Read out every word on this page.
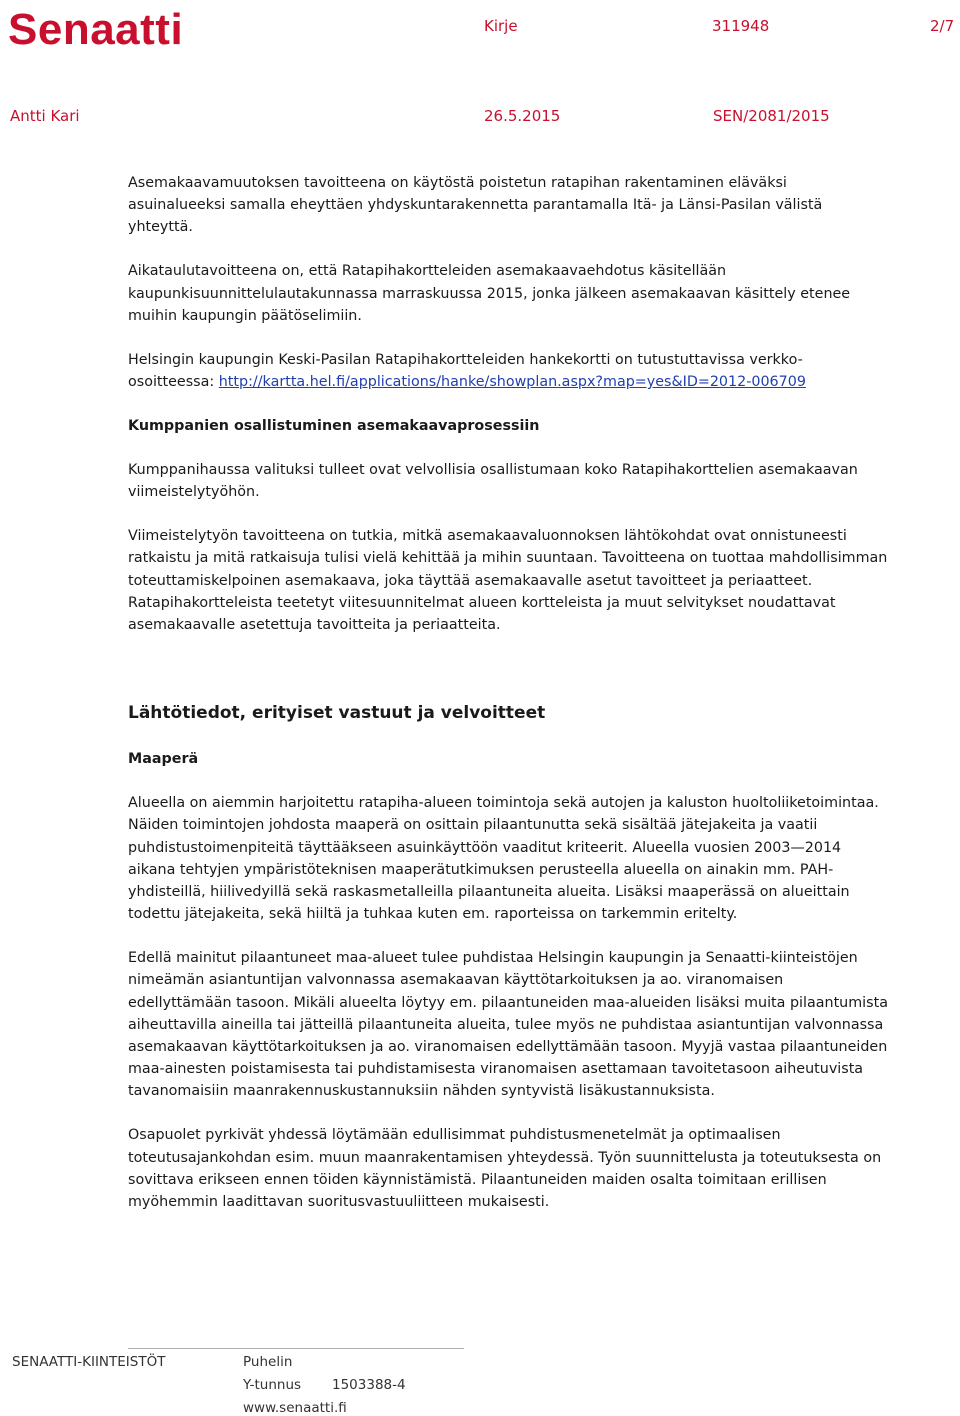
Senaatti	Kirje	311948	2/7
Antti Kari	26.5.2015	SEN/2081/2015

Asemakaavamuutoksen tavoitteena on käytöstä poistetun ratapihan rakentaminen eläväksi asuinalueeksi samalla eheyttäen yhdyskuntarakennetta parantamalla Itä- ja Länsi-Pasilan välistä yhteyttä.

Aikataulutavoitteena on, että Ratapihakortteleiden asemakaavaehdotus käsitellään kaupunkisuunnittelulautakunnassa marraskuussa 2015, jonka jälkeen asemakaavan käsittely etenee muihin kaupungin päätöselimiin.

Helsingin kaupungin Keski-Pasilan Ratapihakortteleiden hankekortti on tutustuttavissa verkko-osoitteessa: http://kartta.hel.fi/applications/hanke/showplan.aspx?map=yes&ID=2012-006709

Kumppanien osallistuminen asemakaavaprosessiin

Kumppanihaussa valituksi tulleet ovat velvollisia osallistumaan koko Ratapihakorttelien asemakaavan viimeistelytyöhön.

Viimeistelytyön tavoitteena on tutkia, mitkä asemakaavaluonnoksen lähtökohdat ovat onnistuneesti ratkaistu ja mitä ratkaisuja tulisi vielä kehittää ja mihin suuntaan. Tavoitteena on tuottaa mahdollisimman toteuttamiskelpoinen asemakaava, joka täyttää asemakaavalle asetut tavoitteet ja periaatteet. Ratapihakortteleista teetetyt viitesuunnitelmat alueen kortteleista ja muut selvitykset noudattavat asemakaavalle asetettuja tavoitteita ja periaatteita.

Lähtötiedot, erityiset vastuut ja velvoitteet
Maaperä

Alueella on aiemmin harjoitettu ratapiha-alueen toimintoja sekä autojen ja kaluston huoltoliiketoimintaa. Näiden toimintojen johdosta maaperä on osittain pilaantunutta sekä sisältää jätejakeita ja vaatii puhdistustoimenpiteitä täyttääkseen asuinkäyttöön vaaditut kriteerit. Alueella vuosien 2003—2014 aikana tehtyjen ympäristöteknisen maaperätutkimuksen perusteella alueella on ainakin mm. PAH-yhdisteillä, hiilivedyillä sekä raskasmetalleilla pilaantuneita alueita. Lisäksi maaperässä on alueittain todettu jätejakeita, sekä hiiltä ja tuhkaa kuten em. raporteissa on tarkemmin eritelty.

Edellä mainitut pilaantuneet maa-alueet tulee puhdistaa Helsingin kaupungin ja Senaatti-kiinteistöjen nimeämän asiantuntijan valvonnassa asemakaavan käyttötarkoituksen ja ao. viranomaisen edellyttämään tasoon. Mikäli alueelta löytyy em. pilaantuneiden maa-alueiden lisäksi muita pilaantumista aiheuttavilla aineilla tai jätteillä pilaantuneita alueita, tulee myös ne puhdistaa asiantuntijan valvonnassa asemakaavan käyttötarkoituksen ja ao. viranomaisen edellyttämään tasoon. Myyjä vastaa pilaantuneiden maa-ainesten poistamisesta tai puhdistamisesta viranomaisen asettamaan tavoitetasoon aiheutuvista tavanomaisiin maanrakennuskustannuksiin nähden syntyvistä lisäkustannuksista.

Osapuolet pyrkivät yhdessä löytämään edullisimmat puhdistusmenetelmät ja optimaalisen toteutusajankohdan esim. muun maanrakentamisen yhteydessä. Työn suunnittelusta ja toteutuksesta on sovittava erikseen ennen töiden käynnistämistä. Pilaantuneiden maiden osalta toimitaan erillisen myöhemmin laadittavan suoritusvastuuliitteen mukaisesti.

SENAATTI-KIINTEISTÖT	Puhelin
Y-tunnus 1503388-4
www.senaatti.fi
